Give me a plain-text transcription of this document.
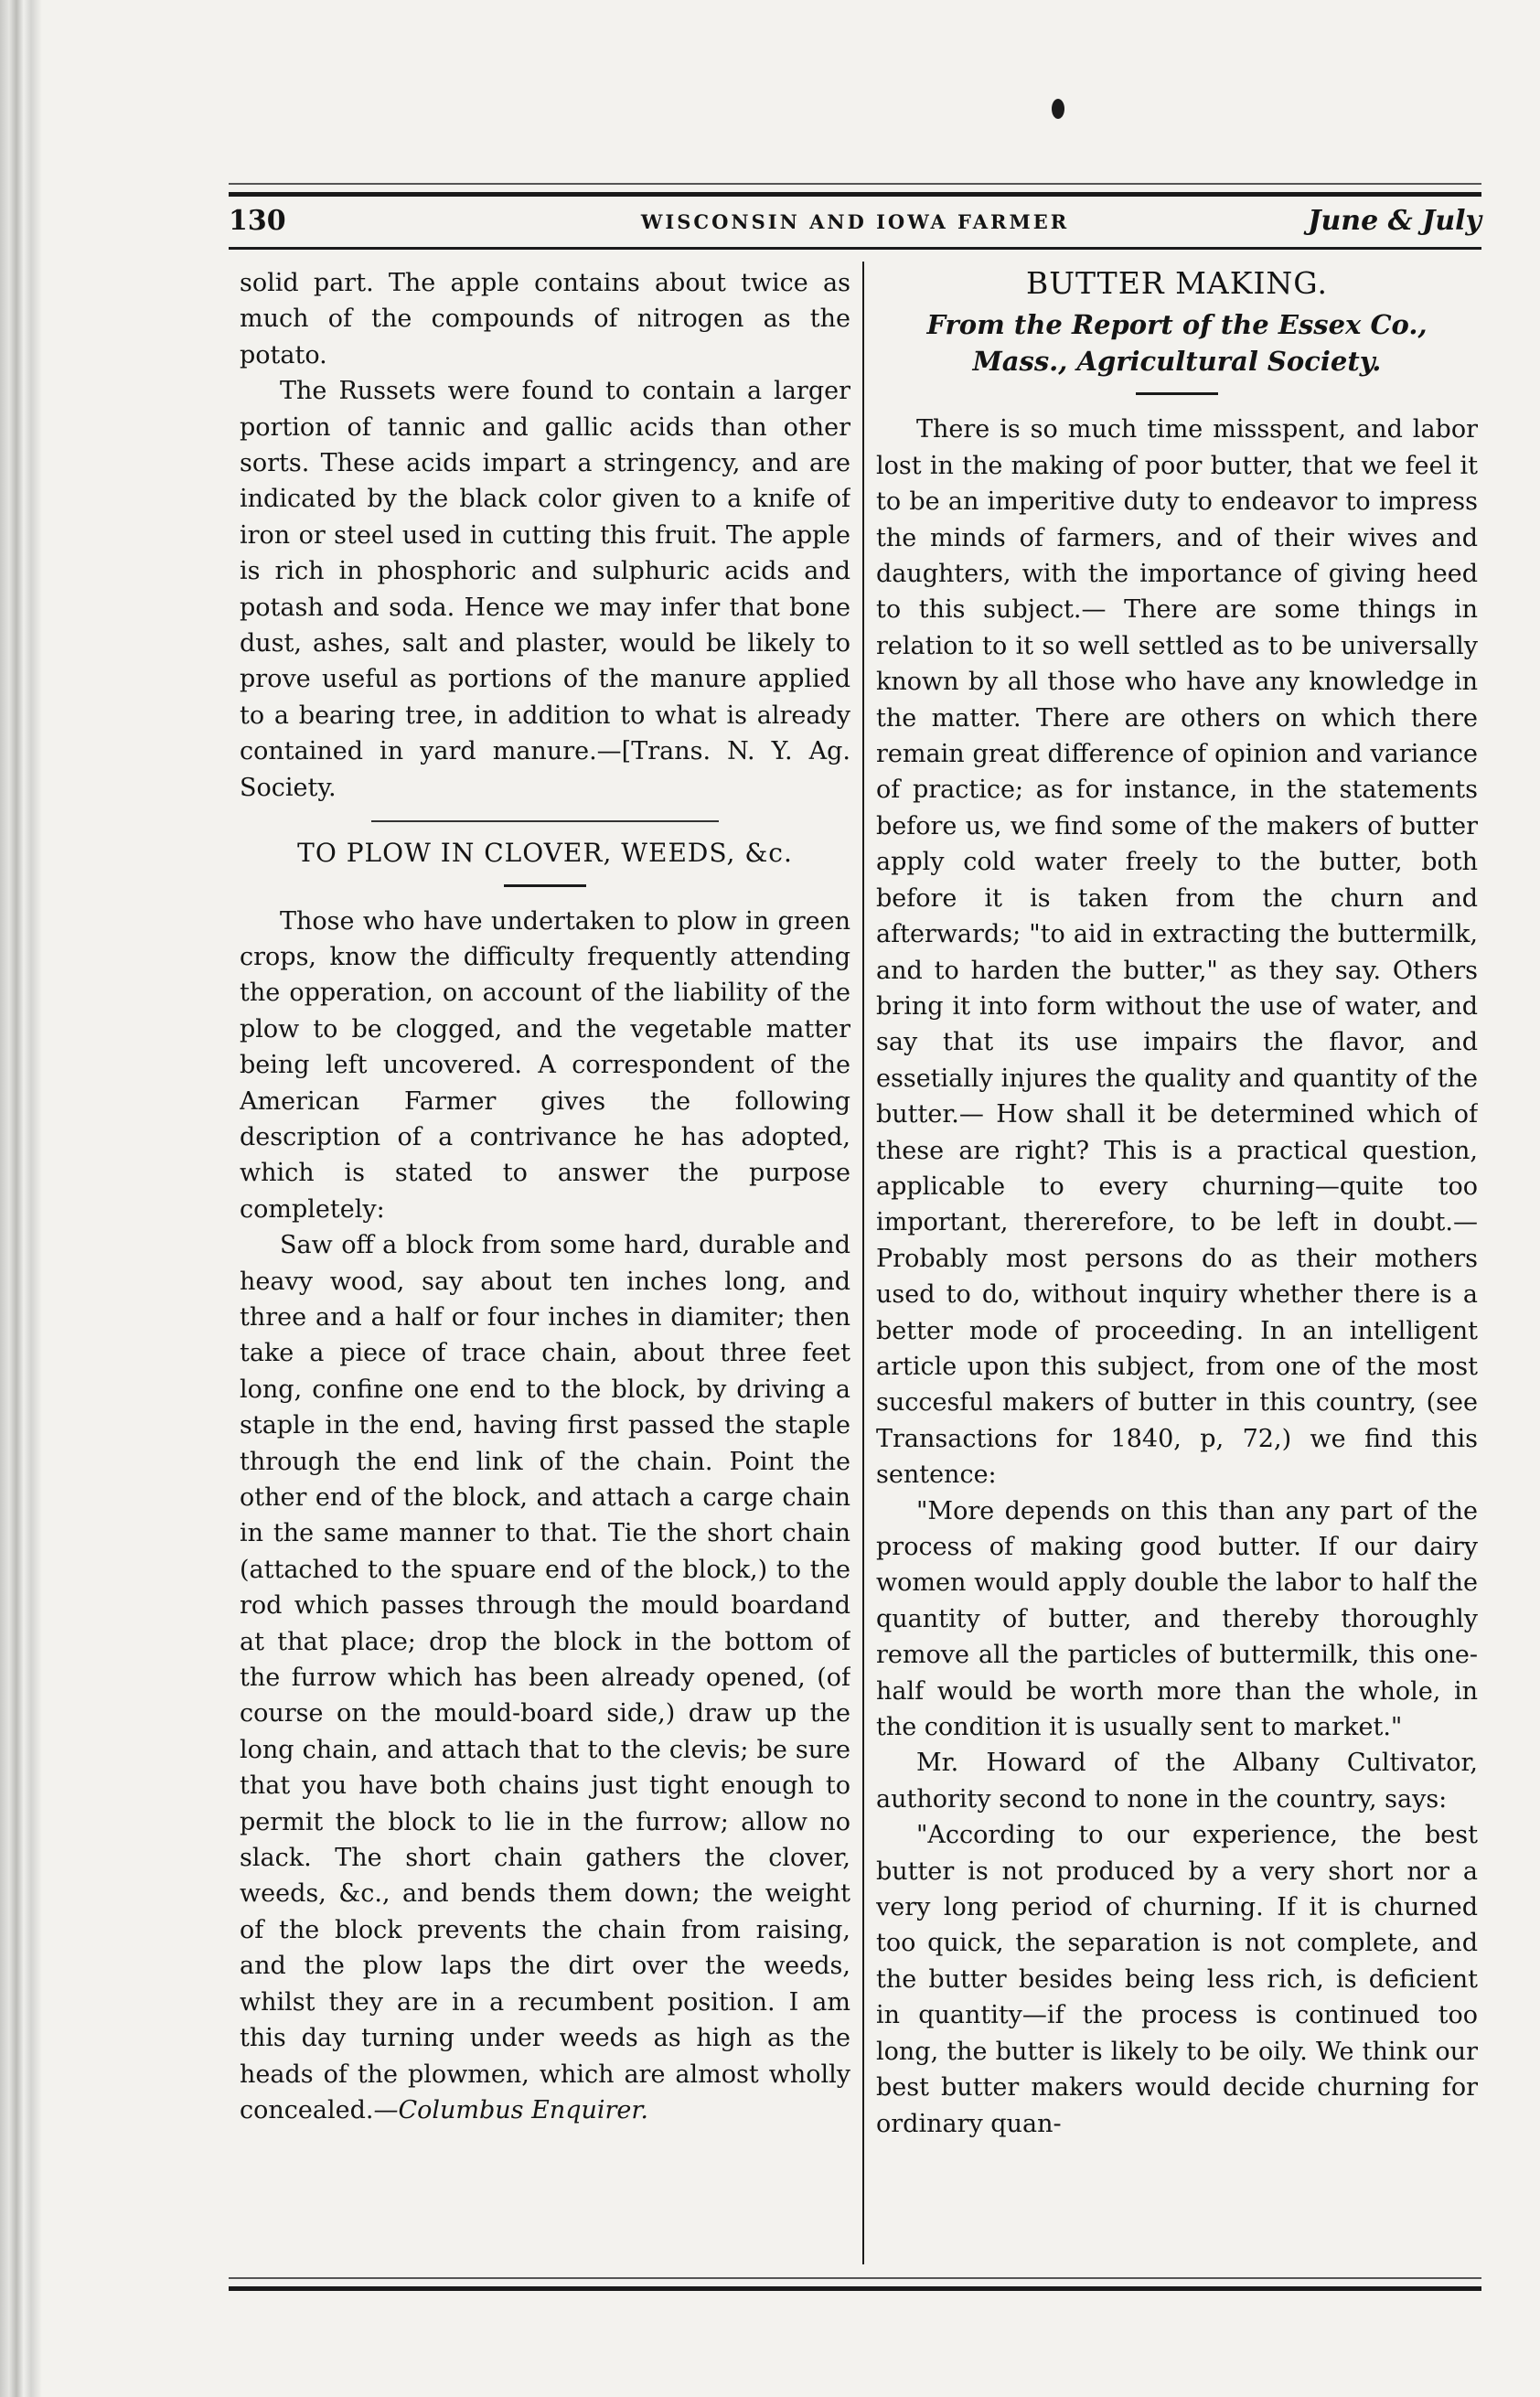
130	WISCONSIN AND IOWA FARMER	June & July

solid part. The apple contains about twice as much of the compounds of nitrogen as the potato.

The Russets were found to contain a larger portion of tannic and gallic acids than other sorts. These acids impart a stringency, and are indicated by the black color given to a knife of iron or steel used in cutting this fruit. The apple is rich in phosphoric and sulphuric acids and potash and soda. Hence we may infer that bone dust, ashes, salt and plaster, would be likely to prove useful as portions of the manure applied to a bearing tree, in addition to what is already contained in yard manure.—[Trans. N. Y. Ag. Society.

TO PLOW IN CLOVER, WEEDS, &c.

Those who have undertaken to plow in green crops, know the difficulty frequently attending the opperation, on account of the liability of the plow to be clogged, and the vegetable matter being left uncovered. A correspondent of the American Farmer gives the following description of a contrivance he has adopted, which is stated to answer the purpose completely:

Saw off a block from some hard, durable and heavy wood, say about ten inches long, and three and a half or four inches in diamiter; then take a piece of trace chain, about three feet long, confine one end to the block, by driving a staple in the end, having first passed the staple through the end link of the chain. Point the other end of the block, and attach a carge chain in the same manner to that. Tie the short chain (attached to the spuare end of the block,) to the rod which passes through the mould boardand at that place; drop the block in the bottom of the furrow which has been already opened, (of course on the mould-board side,) draw up the long chain, and attach that to the clevis; be sure that you have both chains just tight enough to permit the block to lie in the furrow; allow no slack. The short chain gathers the clover, weeds, &c., and bends them down; the weight of the block prevents the chain from raising, and the plow laps the dirt over the weeds, whilst they are in a recumbent position. I am this day turning under weeds as high as the heads of the plowmen, which are almost wholly concealed.—Columbus Enquirer.

BUTTER MAKING.
From the Report of the Essex Co., Mass., Agricultural Society.

There is so much time missspent, and labor lost in the making of poor butter, that we feel it to be an imperitive duty to endeavor to impress the minds of farmers, and of their wives and daughters, with the importance of giving heed to this subject.— There are some things in relation to it so well settled as to be universally known by all those who have any knowledge in the matter. There are others on which there remain great difference of opinion and variance of practice; as for instance, in the statements before us, we find some of the makers of butter apply cold water freely to the butter, both before it is taken from the churn and afterwards; "to aid in extracting the buttermilk, and to harden the butter," as they say. Others bring it into form without the use of water, and say that its use impairs the flavor, and essetially injures the quality and quantity of the butter.— How shall it be determined which of these are right? This is a practical question, applicable to every churning—quite too important, thererefore, to be left in doubt.— Probably most persons do as their mothers used to do, without inquiry whether there is a better mode of proceeding. In an intelligent article upon this subject, from one of the most succesful makers of butter in this country, (see Transactions for 1840, p, 72,) we find this sentence:

"More depends on this than any part of the process of making good butter. If our dairy women would apply double the labor to half the quantity of butter, and thereby thoroughly remove all the particles of buttermilk, this one-half would be worth more than the whole, in the condition it is usually sent to market."

Mr. Howard of the Albany Cultivator, authority second to none in the country, says:

"According to our experience, the best butter is not produced by a very short nor a very long period of churning. If it is churned too quick, the separation is not complete, and the butter besides being less rich, is deficient in quantity—if the process is continued too long, the butter is likely to be oily. We think our best butter makers would decide churning for ordinary quan-
